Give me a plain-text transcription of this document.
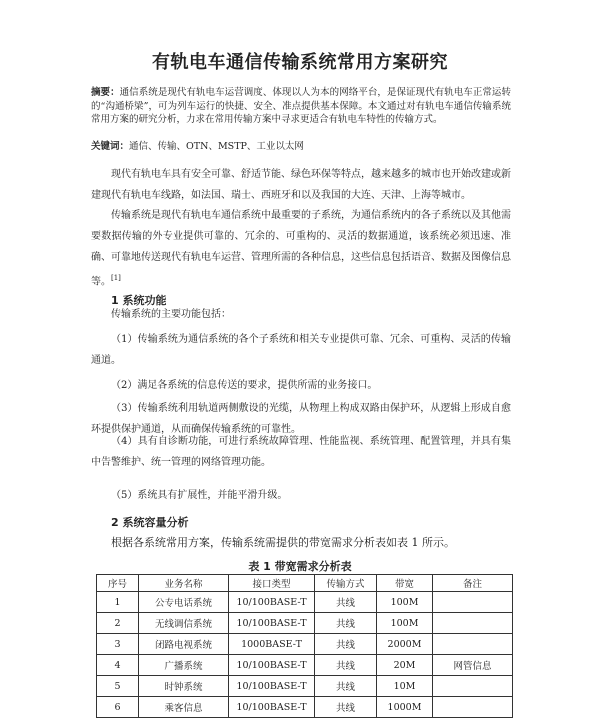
有轨电车通信传输系统常用方案研究
摘要：通信系统是现代有轨电车运营调度、体现以人为本的网络平台，是保证现代有轨电车正常运转的“沟通桥梁”，可为列车运行的快捷、安全、准点提供基本保障。本文通过对有轨电车通信传输系统常用方案的研究分析，力求在常用传输方案中寻求更适合有轨电车特性的传输方式。
关键词：通信、传输、OTN、MSTP、工业以太网

现代有轨电车具有安全可靠、舒适节能、绿色环保等特点，越来越多的城市也开始改建或新建现代有轨电车线路，如法国、瑞士、西班牙和以及我国的大连、天津、上海等城市。

传输系统是现代有轨电车通信系统中最重要的子系统，为通信系统内的各子系统以及其他需要数据传输的外专业提供可靠的、冗余的、可重构的、灵活的数据通道，该系统必须迅速、准确、可靠地传送现代有轨电车运营、管理所需的各种信息，这些信息包括语音、数据及图像信息等。[1]

1 系统功能

传输系统的主要功能包括：

（1）传输系统为通信系统的各个子系统和相关专业提供可靠、冗余、可重构、灵活的传输通道。

（2）满足各系统的信息传送的要求，提供所需的业务接口。

（3）传输系统利用轨道两侧敷设的光缆，从物理上构成双路由保护环，从逻辑上形成自愈环提供保护通道，从而确保传输系统的可靠性。

（4）具有自诊断功能，可进行系统故障管理、性能监视、系统管理、配置管理，并具有集中告警维护、统一管理的网络管理功能。

（5）系统具有扩展性，并能平滑升级。

2 系统容量分析

根据各系统常用方案，传输系统需提供的带宽需求分析表如表 1 所示。

表 1 带宽需求分析表
序号	业务名称	接口类型	传输方式	带宽	备注
1	公专电话系统	10/100BASE-T	共线	100M	
2	无线调信系统	10/100BASE-T	共线	100M	
3	闭路电视系统	1000BASE-T	共线	2000M	
4	广播系统	10/100BASE-T	共线	20M	网管信息
5	时钟系统	10/100BASE-T	共线	10M	
6	乘客信息	10/100BASE-T	共线	1000M	
